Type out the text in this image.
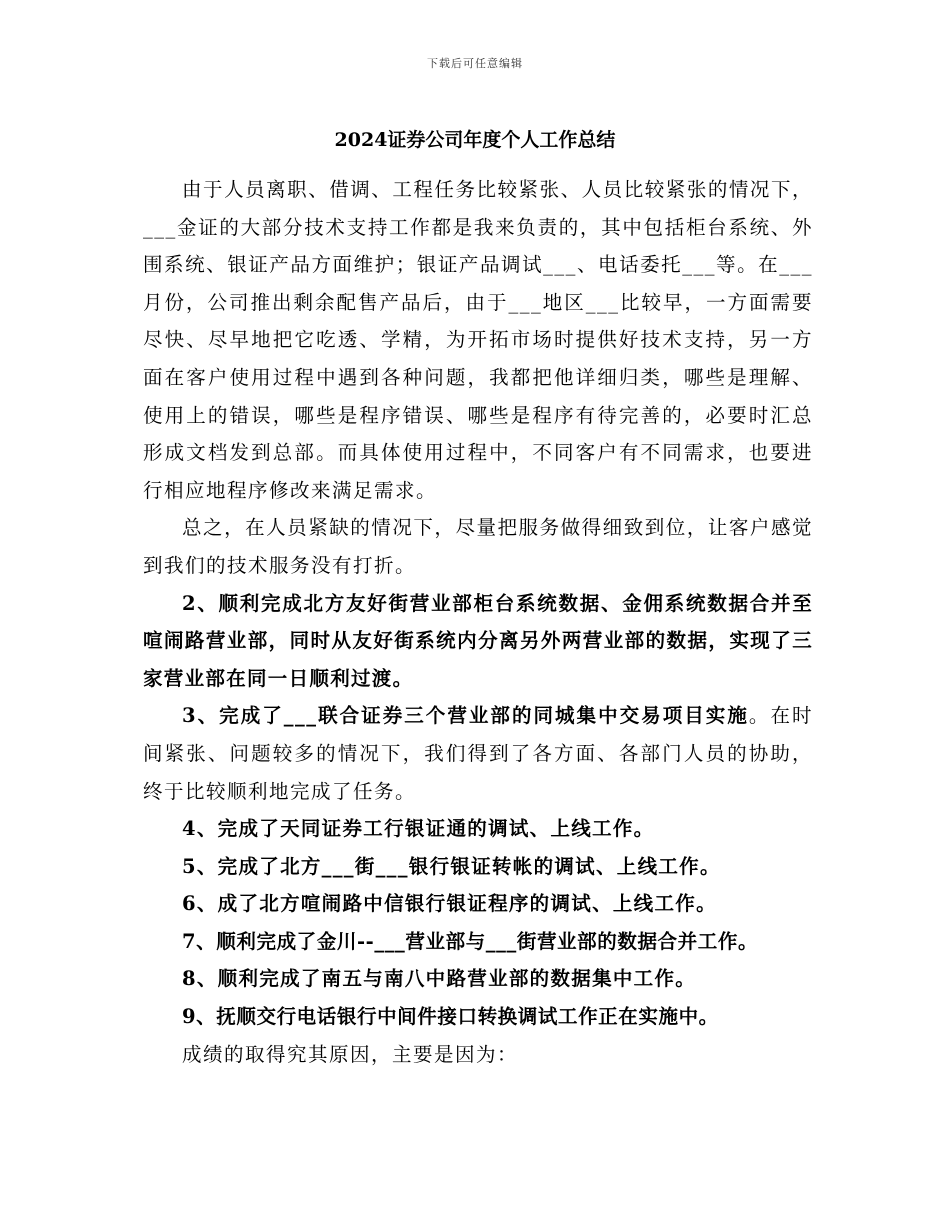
下载后可任意编辑
2024证券公司年度个人工作总结

由于人员离职、借调、工程任务比较紧张、人员比较紧张的情况下，___金证的大部分技术支持工作都是我来负责的，其中包括柜台系统、外围系统、银证产品方面维护；银证产品调试___、电话委托___等。在___月份，公司推出剩余配售产品后，由于___地区___比较早，一方面需要尽快、尽早地把它吃透、学精，为开拓市场时提供好技术支持，另一方面在客户使用过程中遇到各种问题，我都把他详细归类，哪些是理解、使用上的错误，哪些是程序错误、哪些是程序有待完善的，必要时汇总形成文档发到总部。而具体使用过程中，不同客户有不同需求，也要进行相应地程序修改来满足需求。

总之，在人员紧缺的情况下，尽量把服务做得细致到位，让客户感觉到我们的技术服务没有打折。

2、顺利完成北方友好街营业部柜台系统数据、金佣系统数据合并至喧闹路营业部，同时从友好街系统内分离另外两营业部的数据，实现了三家营业部在同一日顺利过渡。

3、完成了___联合证券三个营业部的同城集中交易项目实施。在时间紧张、问题较多的情况下，我们得到了各方面、各部门人员的协助，终于比较顺利地完成了任务。

4、完成了天同证券工行银证通的调试、上线工作。

5、完成了北方___街___银行银证转帐的调试、上线工作。

6、成了北方喧闹路中信银行银证程序的调试、上线工作。

7、顺利完成了金川--___营业部与___街营业部的数据合并工作。

8、顺利完成了南五与南八中路营业部的数据集中工作。

9、抚顺交行电话银行中间件接口转换调试工作正在实施中。

成绩的取得究其原因，主要是因为：
